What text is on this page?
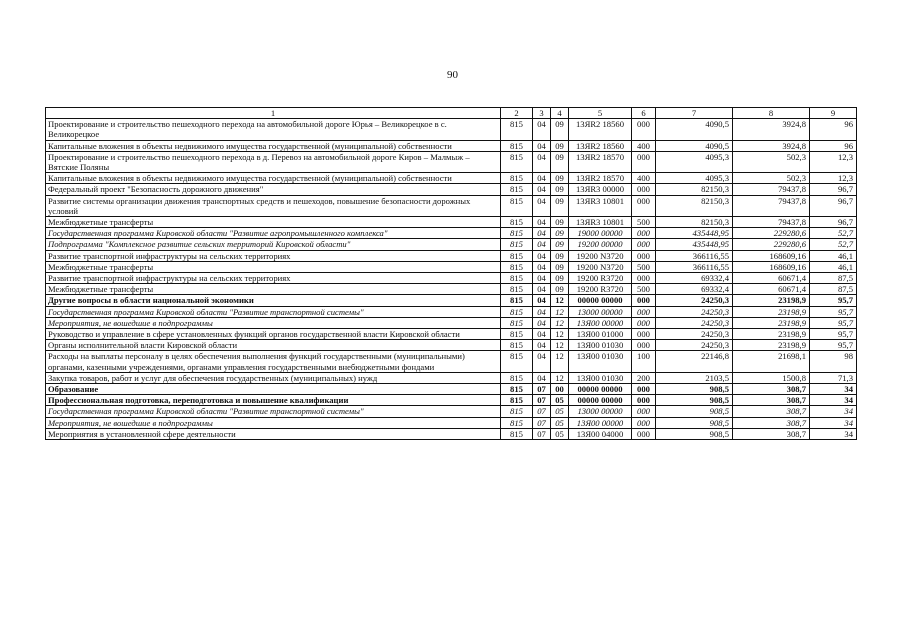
90
1	2	3	4	5	6	7	8	9
Проектирование и строительство пешеходного перехода на автомобильной дороге Юрья – Великорецкое в с. Великорецкое	815	04	09	13ЯR2 18560	000	4090,5	3924,8	96
Капитальные вложения в объекты недвижимого имущества государственной (муниципальной) собственности	815	04	09	13ЯR2 18560	400	4090,5	3924,8	96
Проектирование и строительство пешеходного перехода в д. Перевоз на автомобильной дороге Киров – Малмыж – Вятские Поляны	815	04	09	13ЯR2 18570	000	4095,3	502,3	12,3
Капитальные вложения в объекты недвижимого имущества государственной (муниципальной) собственности	815	04	09	13ЯR2 18570	400	4095,3	502,3	12,3
Федеральный проект "Безопасность дорожного движения"	815	04	09	13ЯR3 00000	000	82150,3	79437,8	96,7
Развитие системы организации движения транспортных средств и пешеходов, повышение безопасности дорожных условий	815	04	09	13ЯR3 10801	000	82150,3	79437,8	96,7
Межбюджетные трансферты	815	04	09	13ЯR3 10801	500	82150,3	79437,8	96,7
Государственная программа Кировской области "Развитие агропромышленного комплекса"	815	04	09	19000 00000	000	435448,95	229280,6	52,7
Подпрограмма "Комплексное развитие сельских территорий Кировской области"	815	04	09	19200 00000	000	435448,95	229280,6	52,7
Развитие транспортной инфраструктуры на сельских территориях	815	04	09	19200 N3720	000	366116,55	168609,16	46,1
Межбюджетные трансферты	815	04	09	19200 N3720	500	366116,55	168609,16	46,1
Развитие транспортной инфраструктуры на сельских территориях	815	04	09	19200 R3720	000	69332,4	60671,4	87,5
Межбюджетные трансферты	815	04	09	19200 R3720	500	69332,4	60671,4	87,5
Другие вопросы в области национальной экономики	815	04	12	00000 00000	000	24250,3	23198,9	95,7
Государственная программа Кировской области "Развитие транспортной системы"	815	04	12	13000 00000	000	24250,3	23198,9	95,7
Мероприятия, не вошедшие в подпрограммы	815	04	12	13Я00 00000	000	24250,3	23198,9	95,7
Руководство и управление в сфере установленных функций органов государственной власти Кировской области	815	04	12	13Я00 01000	000	24250,3	23198,9	95,7
Органы исполнительной власти Кировской области	815	04	12	13Я00 01030	000	24250,3	23198,9	95,7
Расходы на выплаты персоналу в целях обеспечения выполнения функций государственными (муниципальными) органами, казенными учреждениями, органами управления государственными внебюджетными фондами	815	04	12	13Я00 01030	100	22146,8	21698,1	98
Закупка товаров, работ и услуг для обеспечения государственных (муниципальных) нужд	815	04	12	13Я00 01030	200	2103,5	1500,8	71,3
Образование	815	07	00	00000 00000	000	908,5	308,7	34
Профессиональная подготовка, переподготовка и повышение квалификации	815	07	05	00000 00000	000	908,5	308,7	34
Государственная программа Кировской области "Развитие транспортной системы"	815	07	05	13000 00000	000	908,5	308,7	34
Мероприятия, не вошедшие в подпрограммы	815	07	05	13Я00 00000	000	908,5	308,7	34
Мероприятия в установленной сфере деятельности	815	07	05	13Я00 04000	000	908,5	308,7	34
